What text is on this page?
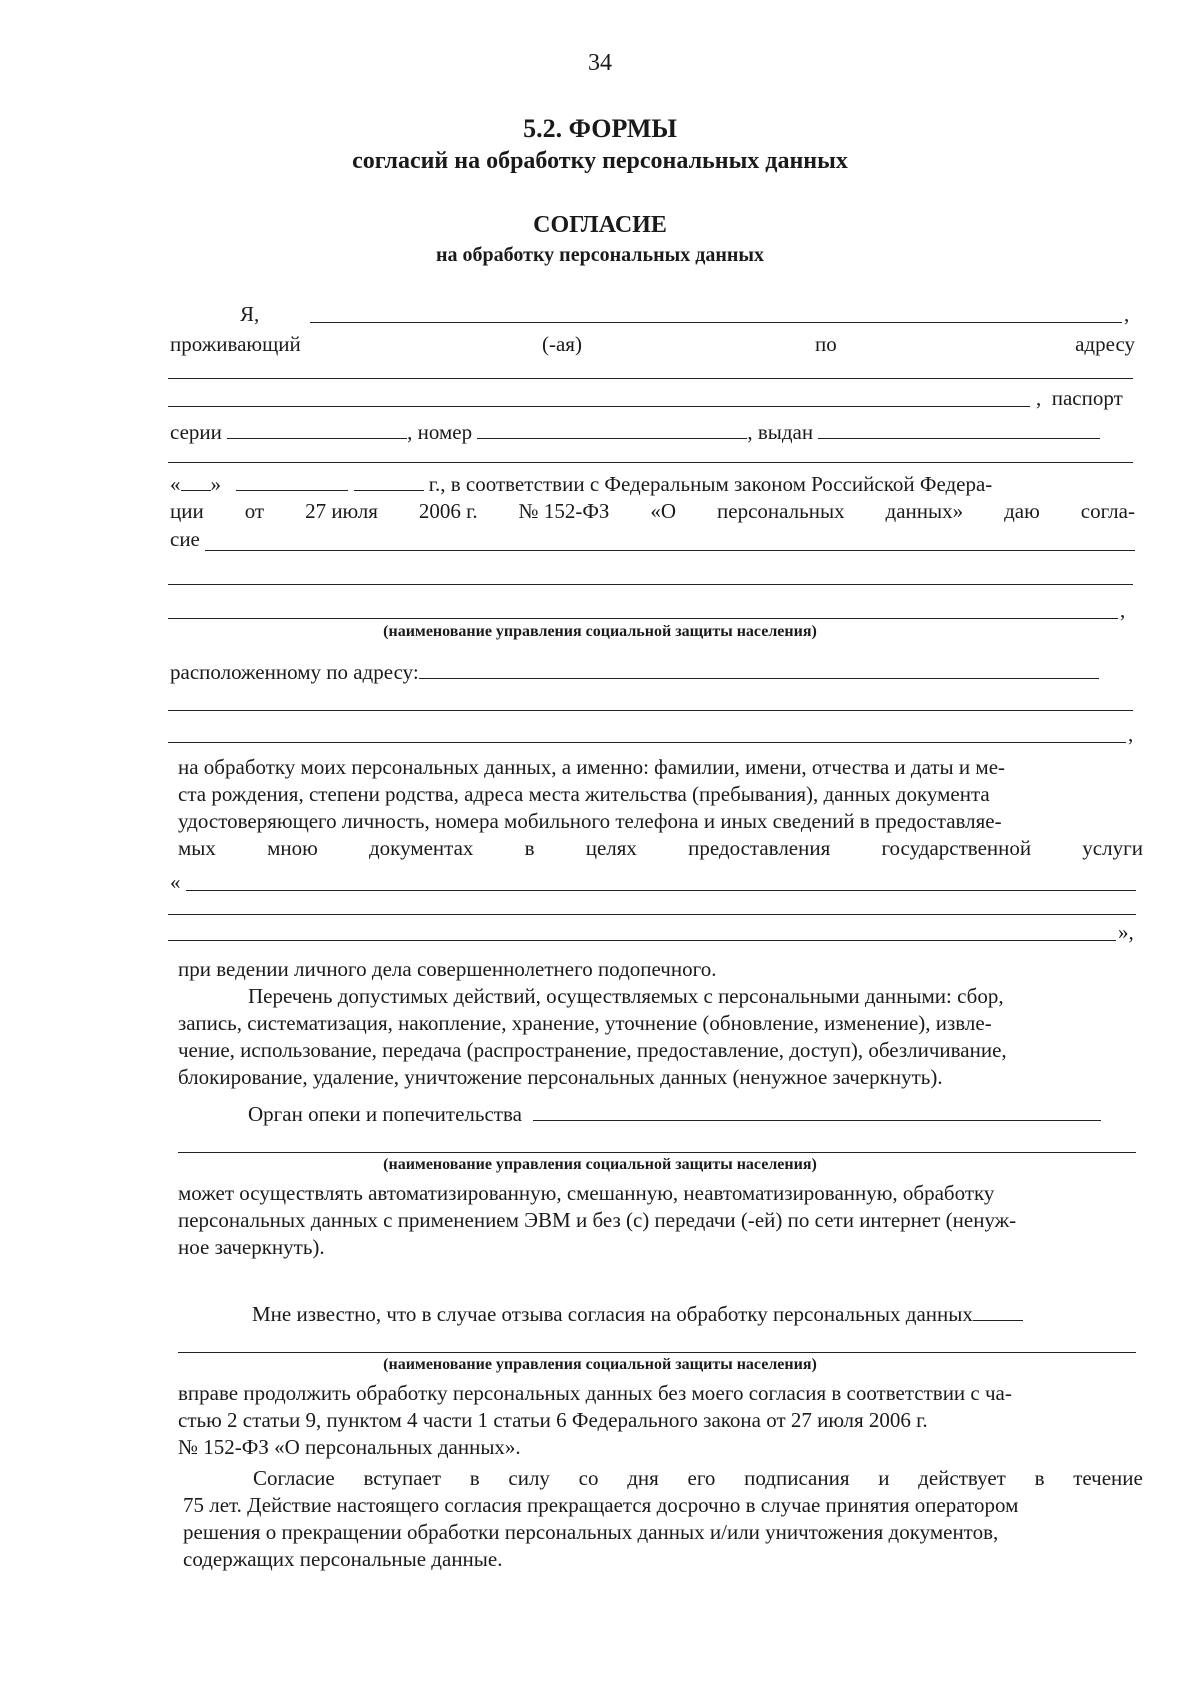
34
5.2. ФОРМЫ
согласий на обработку персональных данных
СОГЛАСИЕ
на обработку персональных данных
Я,	,
проживающий	(-ая)	по	адресу
, паспорт
серии	, номер	, выдан
« »	г., в соответствии с Федеральным законом Российской Федера-
ции от 27 июля 2006 г. № 152-ФЗ «О персональных данных» даю согла-
сие
,
(наименование управления социальной защиты населения)
расположенному по адресу:
,
на обработку моих персональных данных, а именно: фамилии, имени, отчества и даты и ме-
ста рождения, степени родства, адреса места жительства (пребывания), данных документа
удостоверяющего личность, номера мобильного телефона и иных сведений в предоставляе-
мых мною документах в целях предоставления государственной услуги
«
»,
при ведении личного дела совершеннолетнего подопечного.
Перечень допустимых действий, осуществляемых с персональными данными: сбор,
запись, систематизация, накопление, хранение, уточнение (обновление, изменение), извле-
чение, использование, передача (распространение, предоставление, доступ), обезличивание,
блокирование, удаление, уничтожение персональных данных (ненужное зачеркнуть).
Орган опеки и попечительства
(наименование управления социальной защиты населения)
может осуществлять автоматизированную, смешанную, неавтоматизированную, обработку
персональных данных с применением ЭВМ и без (с) передачи (-ей) по сети интернет (ненуж-
ное зачеркнуть).
Мне известно, что в случае отзыва согласия на обработку персональных данных
(наименование управления социальной защиты населения)
вправе продолжить обработку персональных данных без моего согласия в соответствии с ча-
стью 2 статьи 9, пунктом 4 части 1 статьи 6 Федерального закона от 27 июля 2006 г.
№ 152-ФЗ «О персональных данных».
Согласие вступает в силу со дня его подписания и действует в течение
75 лет. Действие настоящего согласия прекращается досрочно в случае принятия оператором
решения о прекращении обработки персональных данных и/или уничтожения документов,
содержащих персональные данные.
